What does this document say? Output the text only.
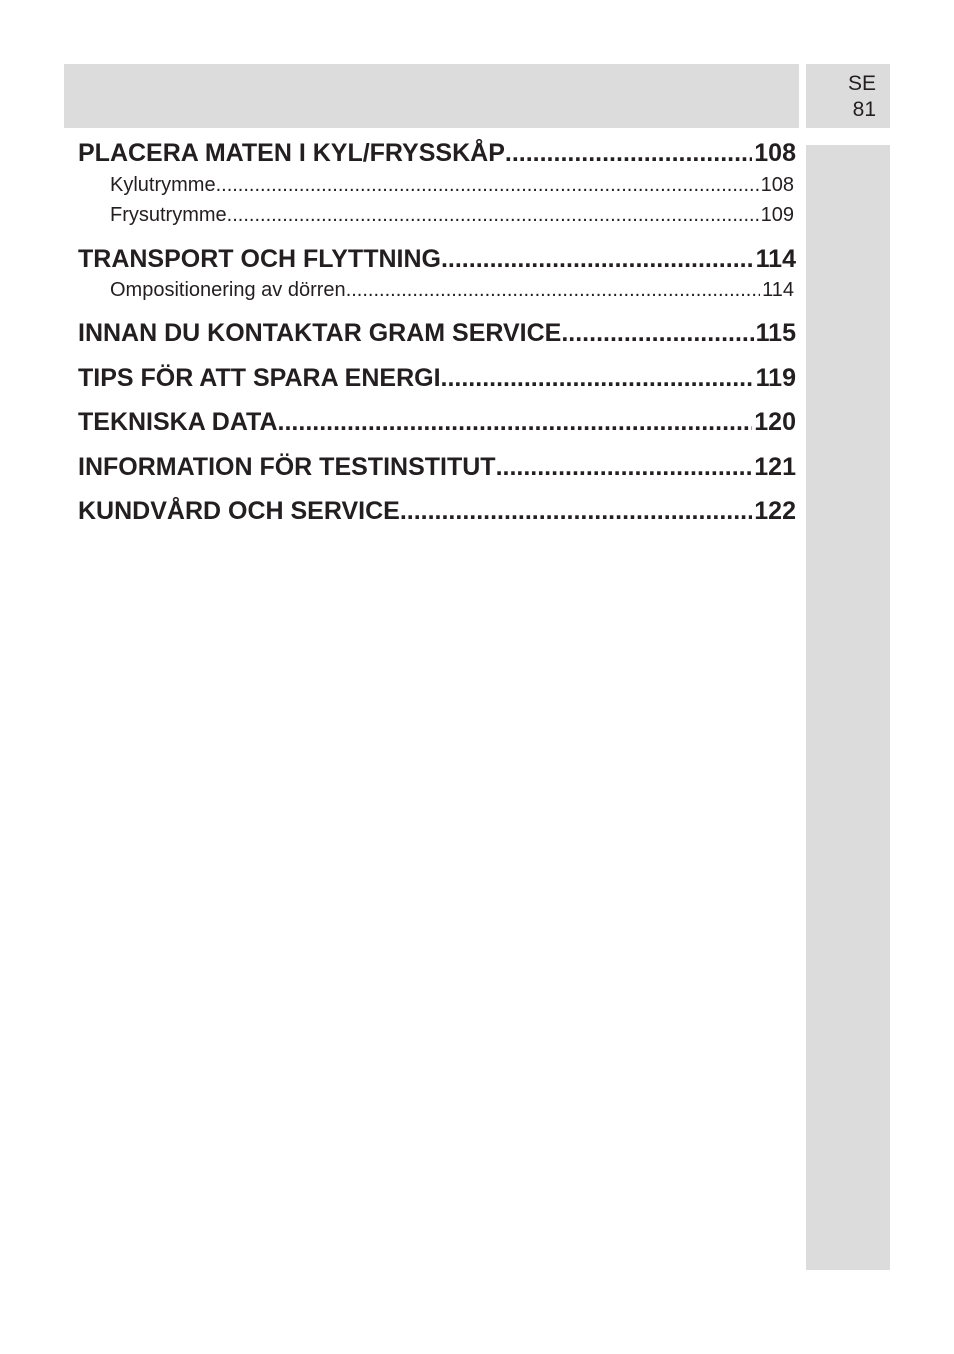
SE
81
PLACERA MATEN I KYL/FRYSSKÅP .....	108
Kylutrymme .....	108
Frysutrymme .....	109
TRANSPORT OCH FLYTTNING .....	114
Ompositionering av dörren .....	114
INNAN DU KONTAKTAR GRAM SERVICE .....	115
TIPS FÖR ATT SPARA ENERGI .....	119
TEKNISKA DATA .....	120
INFORMATION FÖR TESTINSTITUT .....	121
KUNDVÅRD OCH SERVICE .....	122
